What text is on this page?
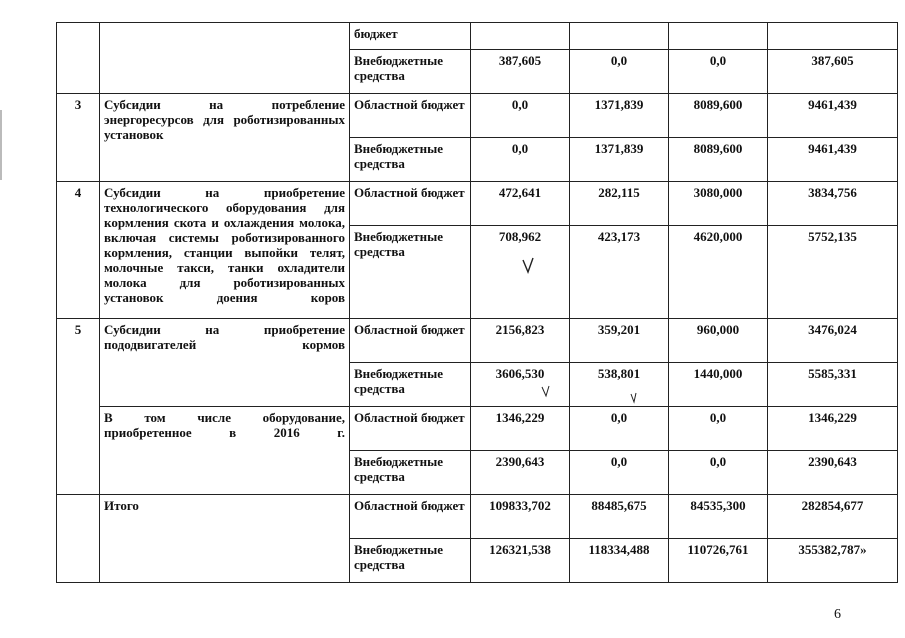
		бюджет				
		Внебюджетные средства	387,605	0,0	0,0	387,605
3	Субсидии на потребление энергоресурсов для роботизированных установок	Областной бюджет	0,0	1371,839	8089,600	9461,439
		Внебюджетные средства	0,0	1371,839	8089,600	9461,439
4	Субсидии на приобретение технологического оборудования для кормления скота и охлаждения молока, включая системы роботизированного кормления, станции выпойки телят, молочные такси, танки охладители молока для роботизированных установок доения коров	Областной бюджет	472,641	282,115	3080,000	3834,756
		Внебюджетные средства	708,962	423,173	4620,000	5752,135
5	Субсидии на приобретение пододвигателей кормов	Областной бюджет	2156,823	359,201	960,000	3476,024
		Внебюджетные средства	3606,530	538,801	1440,000	5585,331
	В том числе оборудование, приобретенное в 2016 г.	Областной бюджет	1346,229	0,0	0,0	1346,229
		Внебюджетные средства	2390,643	0,0	0,0	2390,643
	Итого	Областной бюджет	109833,702	88485,675	84535,300	282854,677
		Внебюджетные средства	126321,538	118334,488	110726,761	355382,787»
6
